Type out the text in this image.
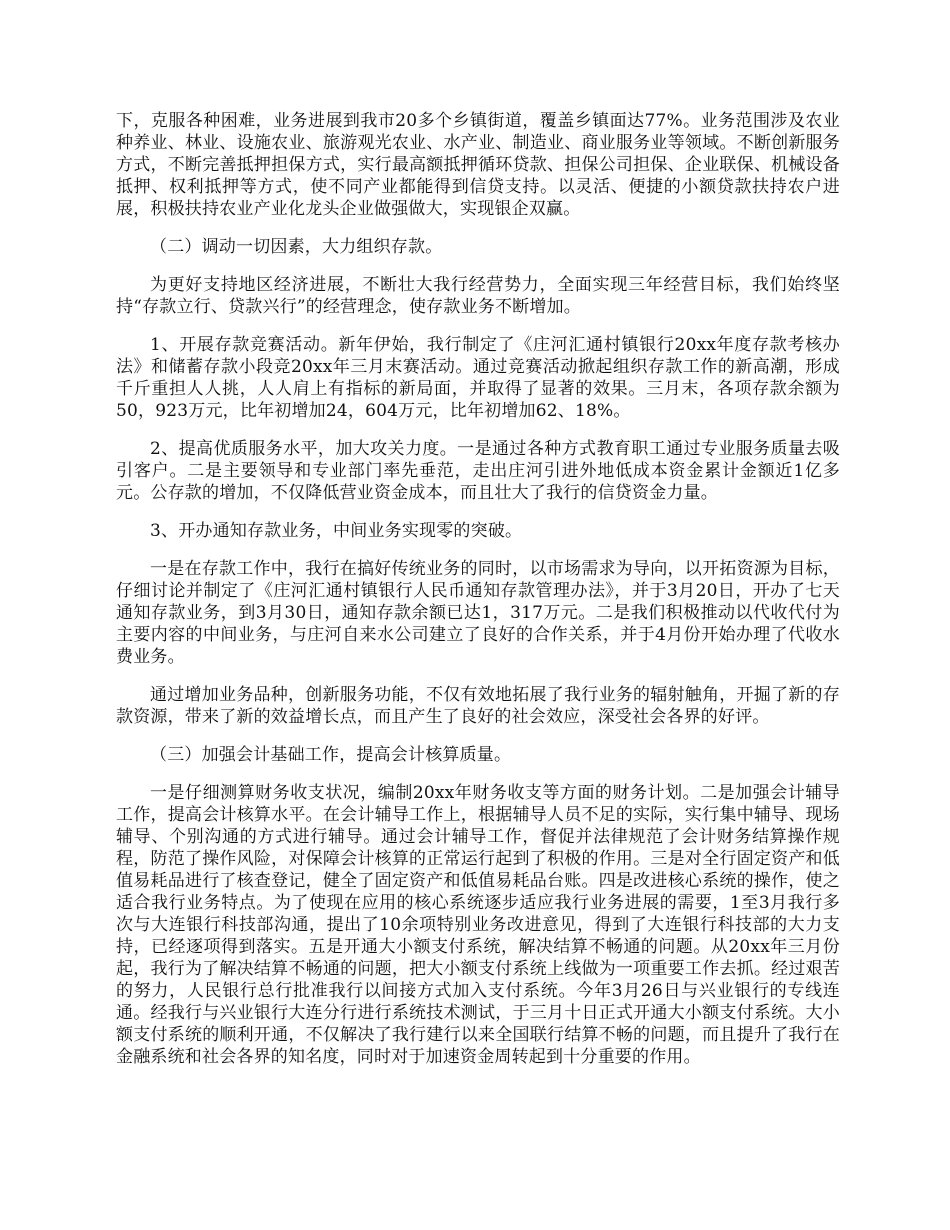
下，克服各种困难，业务进展到我市20多个乡镇街道，覆盖乡镇面达77%。业务范围涉及农业种养业、林业、设施农业、旅游观光农业、水产业、制造业、商业服务业等领域。不断创新服务方式，不断完善抵押担保方式，实行最高额抵押循环贷款、担保公司担保、企业联保、机械设备抵押、权利抵押等方式，使不同产业都能得到信贷支持。以灵活、便捷的小额贷款扶持农户进展，积极扶持农业产业化龙头企业做强做大，实现银企双赢。

（二）调动一切因素，大力组织存款。

为更好支持地区经济进展，不断壮大我行经营势力，全面实现三年经营目标，我们始终坚持“存款立行、贷款兴行”的经营理念，使存款业务不断增加。

1、开展存款竞赛活动。新年伊始，我行制定了《庄河汇通村镇银行20xx年度存款考核办法》和储蓄存款小段竞20xx年三月末赛活动。通过竞赛活动掀起组织存款工作的新高潮，形成千斤重担人人挑，人人肩上有指标的新局面，并取得了显著的效果。三月末，各项存款余额为50，923万元，比年初增加24，604万元，比年初增加62、18%。

2、提高优质服务水平，加大攻关力度。一是通过各种方式教育职工通过专业服务质量去吸引客户。二是主要领导和专业部门率先垂范，走出庄河引进外地低成本资金累计金额近1亿多元。公存款的增加，不仅降低营业资金成本，而且壮大了我行的信贷资金力量。

3、开办通知存款业务，中间业务实现零的突破。

一是在存款工作中，我行在搞好传统业务的同时，以市场需求为导向，以开拓资源为目标，仔细讨论并制定了《庄河汇通村镇银行人民币通知存款管理办法》，并于3月20日，开办了七天通知存款业务，到3月30日，通知存款余额已达1，317万元。二是我们积极推动以代收代付为主要内容的中间业务，与庄河自来水公司建立了良好的合作关系，并于4月份开始办理了代收水费业务。

通过增加业务品种，创新服务功能，不仅有效地拓展了我行业务的辐射触角，开掘了新的存款资源，带来了新的效益增长点，而且产生了良好的社会效应，深受社会各界的好评。

（三）加强会计基础工作，提高会计核算质量。

一是仔细测算财务收支状况，编制20xx年财务收支等方面的财务计划。二是加强会计辅导工作，提高会计核算水平。在会计辅导工作上，根据辅导人员不足的实际，实行集中辅导、现场辅导、个别沟通的方式进行辅导。通过会计辅导工作，督促并法律规范了会计财务结算操作规程，防范了操作风险，对保障会计核算的正常运行起到了积极的作用。三是对全行固定资产和低值易耗品进行了核查登记，健全了固定资产和低值易耗品台账。四是改进核心系统的操作，使之适合我行业务特点。为了使现在应用的核心系统逐步适应我行业务进展的需要，1至3月我行多次与大连银行科技部沟通，提出了10余项特别业务改进意见，得到了大连银行科技部的大力支持，已经逐项得到落实。五是开通大小额支付系统，解决结算不畅通的问题。从20xx年三月份起，我行为了解决结算不畅通的问题，把大小额支付系统上线做为一项重要工作去抓。经过艰苦的努力，人民银行总行批准我行以间接方式加入支付系统。今年3月26日与兴业银行的专线连通。经我行与兴业银行大连分行进行系统技术测试，于三月十日正式开通大小额支付系统。大小额支付系统的顺利开通，不仅解决了我行建行以来全国联行结算不畅的问题，而且提升了我行在金融系统和社会各界的知名度，同时对于加速资金周转起到十分重要的作用。
